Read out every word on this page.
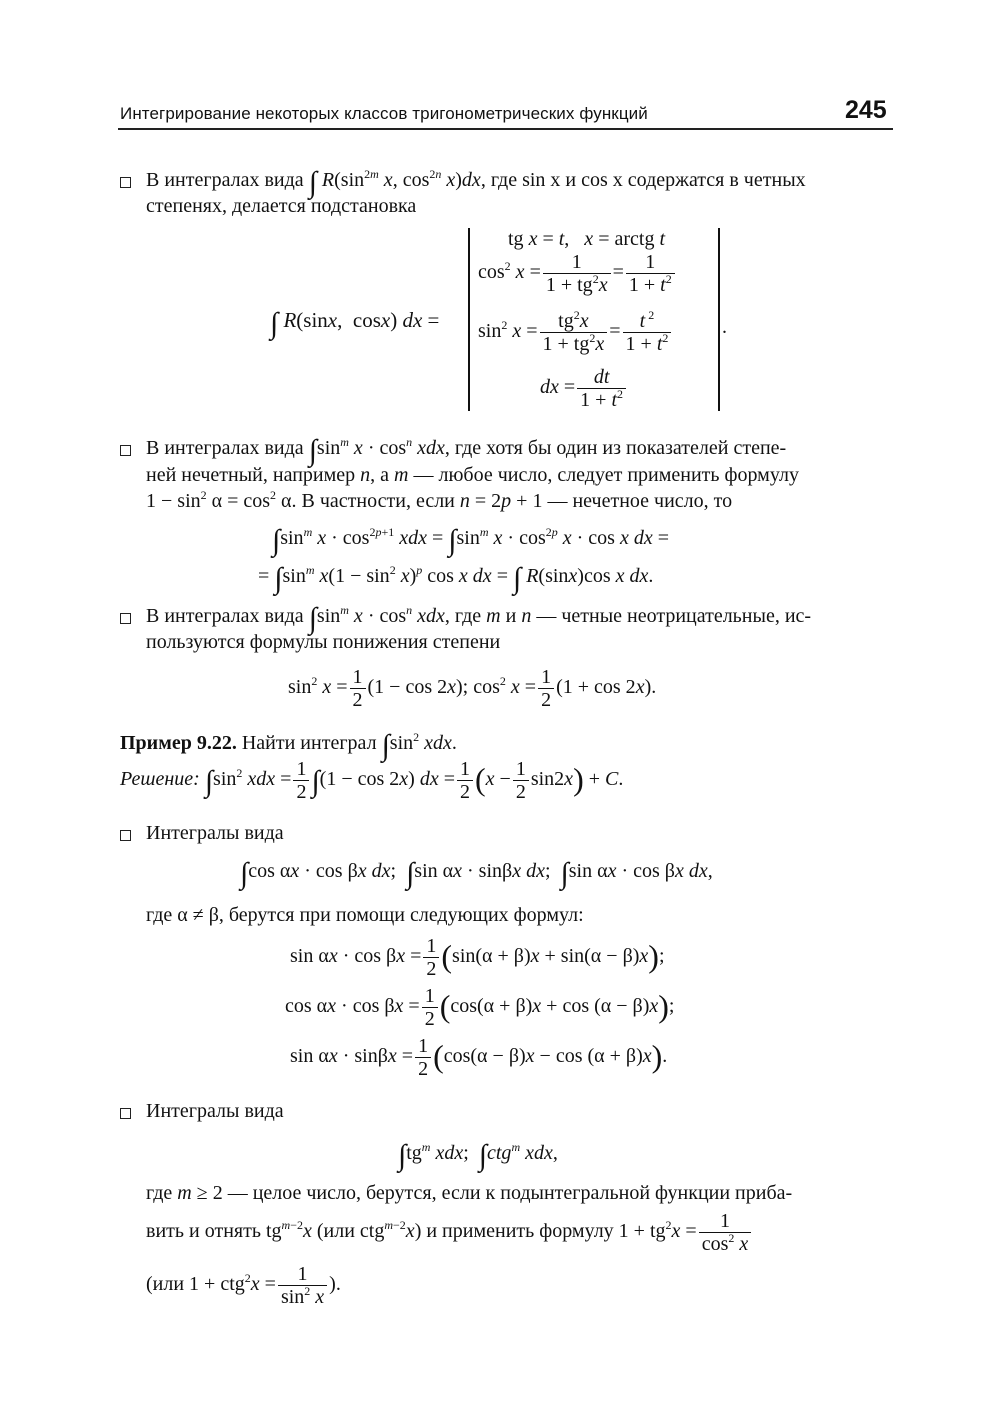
Интегрирование некоторых классов тригонометрических функций	245
В интегралах вида ∫ $R(\sin^{2m}$ x, $\cos^{2n} x)dx$, где sin x и cos x содержатся в четных
степенях, делается подстановка
∫ R(sinx,  cosx) dx =	.
tg x = t,   x = arctg t
$\cos^2 x = \frac{1}{1 + tg^2x} = \frac{1}{1 + t^2}$
$\sin^2 x = \frac{tg^2x}{1 + tg^2x} = \frac{t ^2}{1 + t^2}$
dx = $\frac{dt}{1 + t^2}$
В интегралах вида $\int\sin^m$ $x \cdot \cos^n$ xdx, где хотя бы один из показателей степе-
ней нечетный, например n, а m — любое число, следует применить формулу
$1 - \sin^2 \alpha = \cos^2 \alpha$. В частности, если n = 2p + 1 — нечетное число, то
$\int\sin^m$ $x \cdot \cos^{2p+1}$ xdx = $\int\sin^m$ $x \cdot \cos^{2p} x \cdot \cos x$ dx =
= $\int\sin^m$ $x(1 - \sin^2 x)^p$ cos x dx = ∫ R(sinx)cos x dx.
В интегралах вида $\int\sin^m$ $x \cdot \cos^n$ xdx, где m и n — четные неотрицательные, ис-
пользуются формулы понижения степени
$\sin^2 x = \frac{1}{2} (1 - \cos 2x)$; $\cos^2 x = \frac{1}{2} (1 + \cos 2x)$.
Пример 9.22. Найти интеграл $\int\sin^2$ xdx.
Решение: $\int\sin^2$ xdx = $\frac{1}{2} \int(1 - \cos 2x)$ dx = $\frac{1}{2} (x - \frac{1}{2} \sin 2x) + C$.
Интегралы вида
∫cos αx · cos βx dx;  ∫sin αx · sinβx dx;  ∫sin αx · cos βx dx,
где α ≠ β, берутся при помощи следующих формул:
$\sin \alpha x \cdot \cos \beta x = \frac{1}{2} (\sin(\alpha + \beta)x + \sin(\alpha - \beta)x)$;
$\cos \alpha x \cdot \cos \beta x = \frac{1}{2} (\cos(\alpha + \beta)x + \cos (\alpha - \beta)x)$;
$\sin \alpha x \cdot \sin\beta x = \frac{1}{2} (\cos(\alpha - \beta)x - \cos (\alpha + \beta)x)$.
Интегралы вида
$\int tg^m$ xdx;  ∫ctg$^m$ xdx,
где m ≥ 2 — целое число, берутся, если к подынтегральной функции приба-
вить и отнять $tg^{m-2}x$ (или ctg$^{m-2}$x) и применить формулу $1 + tg^2x = \frac{1}{\cos^2 x}$
(или $1 + ctg^2x = \frac{1}{\sin^2 x}$ ).
